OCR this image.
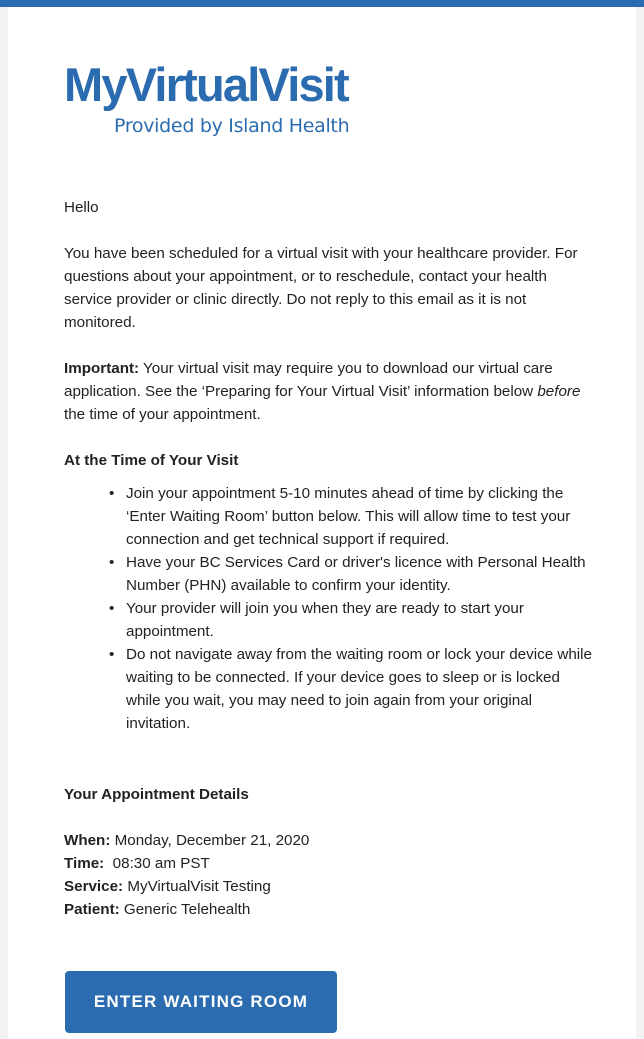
MyVirtualVisit
Provided by Island Health

Hello

You have been scheduled for a virtual visit with your healthcare provider. For questions about your appointment, or to reschedule, contact your health service provider or clinic directly. Do not reply to this email as it is not monitored.

Important: Your virtual visit may require you to download our virtual care application. See the ‘Preparing for Your Virtual Visit’ information below before the time of your appointment.

At the Time of Your Visit

• Join your appointment 5-10 minutes ahead of time by clicking the ‘Enter Waiting Room’ button below. This will allow time to test your connection and get technical support if required.
• Have your BC Services Card or driver's licence with Personal Health Number (PHN) available to confirm your identity.
• Your provider will join you when they are ready to start your appointment.
• Do not navigate away from the waiting room or lock your device while waiting to be connected. If your device goes to sleep or is locked while you wait, you may need to join again from your original invitation.

Your Appointment Details

When: Monday, December 21, 2020

Time:  08:30 am PST

Service: MyVirtualVisit Testing

Patient: Generic Telehealth

ENTER WAITING ROOM
